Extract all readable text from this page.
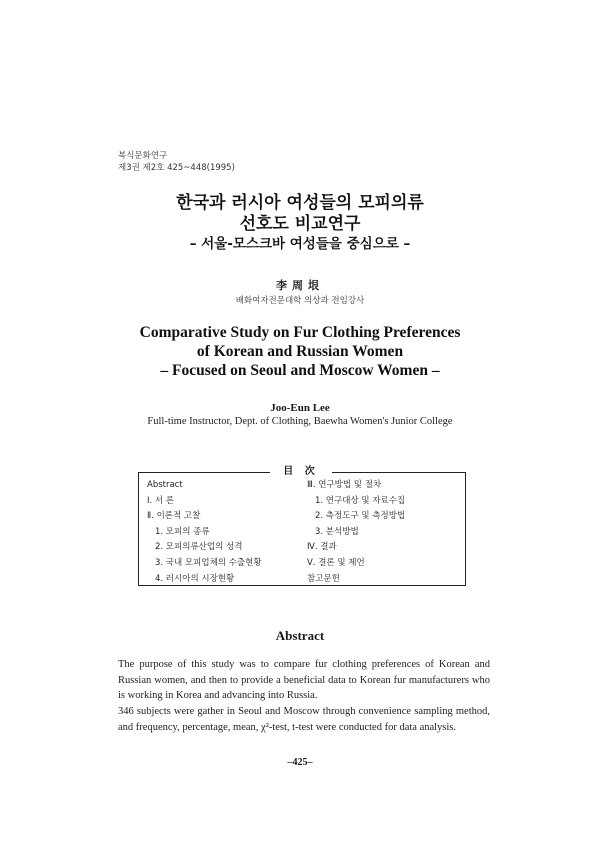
복식문화연구
제3권 제2호 425~448(1995)
한국과 러시아 여성들의 모피의류
선호도 비교연구
– 서울-모스크바 여성들을 중심으로 –
李周垠
배화여자전문대학 의상과 전임강사
Comparative Study on Fur Clothing Preferences
of Korean and Russian Women
– Focused on Seoul and Moscow Women –
Joo-Eun Lee
Full-time Instructor, Dept. of Clothing, Baewha Women's Junior College
目 次
Abstract
Ⅰ. 서 론
Ⅱ. 이론적 고찰
1. 모피의 종류
2. 모피의류산업의 성격
3. 국내 모피업체의 수출현황
4. 러시아의 시장현황
Ⅲ. 연구방법 및 절차
1. 연구대상 및 자료수집
2. 측정도구 및 측정방법
3. 분석방법
Ⅳ. 결과
Ⅴ. 결론 및 제언
참고문헌
Abstract
The purpose of this study was to compare fur clothing preferences of Korean and Russian women, and then to provide a beneficial data to Korean fur manufacturers who is working in Korea and advancing into Russia.
346 subjects were gather in Seoul and Moscow through convenience sampling method, and frequency, percentage, mean, χ²-test, t-test were conducted for data analysis.
–425–
